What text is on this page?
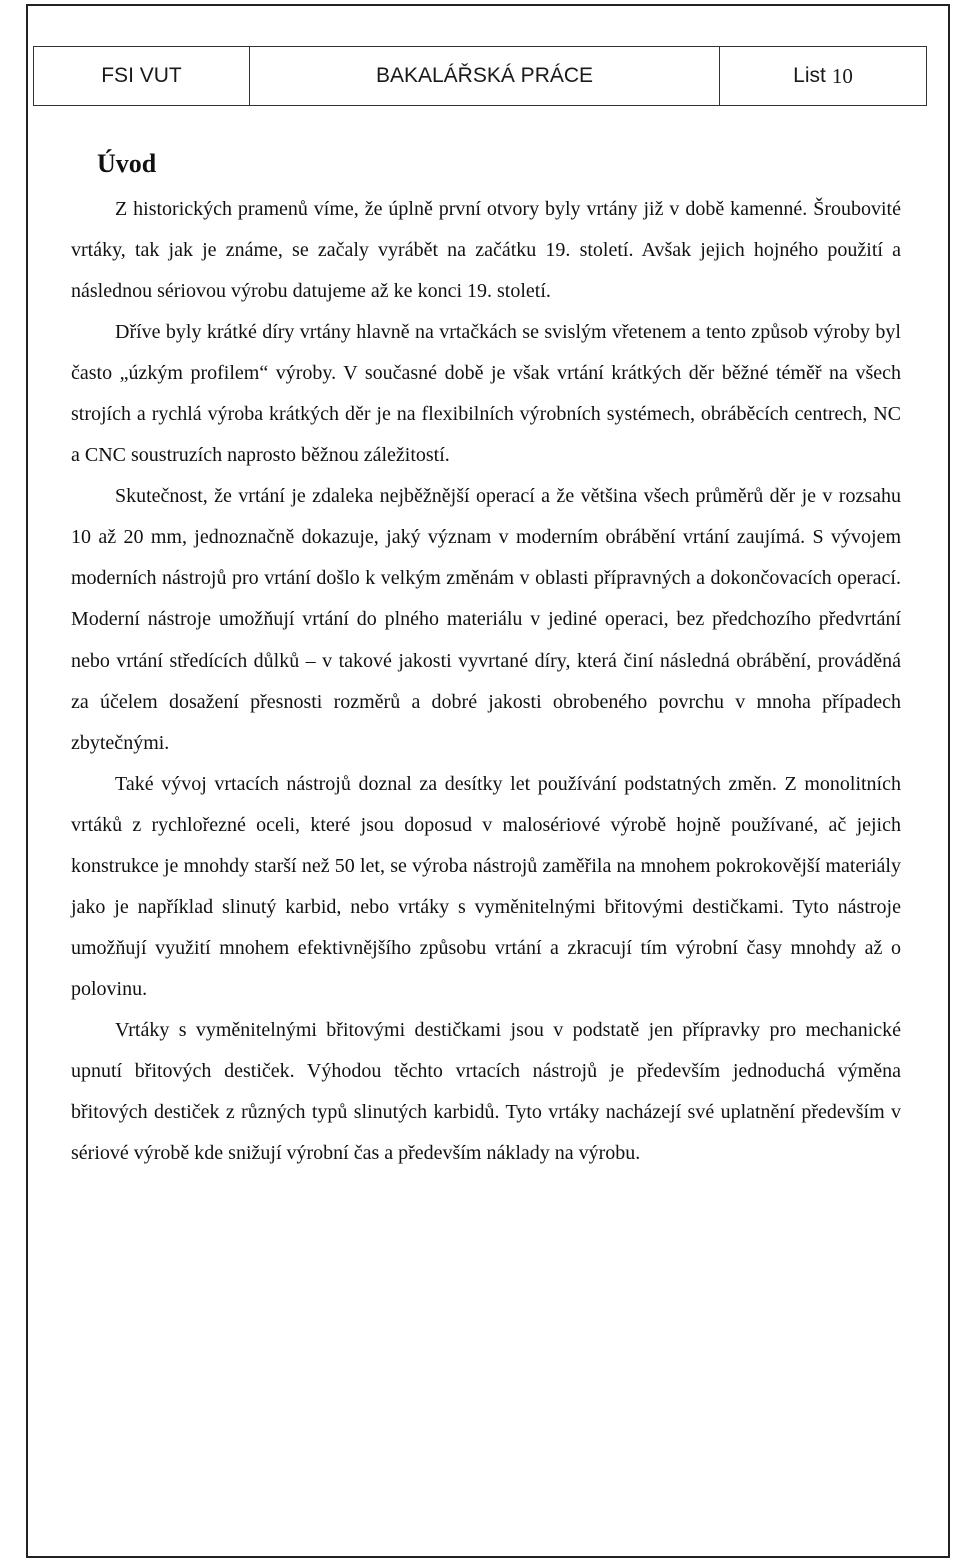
FSI VUT	BAKALÁŘSKÁ PRÁCE	List 10
Úvod

Z historických pramenů víme, že úplně první otvory byly vrtány již v době kamenné. Šroubovité vrtáky, tak jak je známe, se začaly vyrábět na začátku 19. století. Avšak jejich hojného použití a následnou sériovou výrobu datujeme až ke konci 19. století.

Dříve byly krátké díry vrtány hlavně na vrtačkách se svislým vřetenem a tento způsob výroby byl často „úzkým profilem“ výroby. V současné době je však vrtání krátkých děr běžné téměř na všech strojích a rychlá výroba krátkých děr je na flexibilních výrobních systémech, obráběcích centrech, NC a CNC soustruzích naprosto běžnou záležitostí.

Skutečnost, že vrtání je zdaleka nejběžnější operací a že většina všech průměrů děr je v rozsahu 10 až 20 mm, jednoznačně dokazuje, jaký význam v moderním obrábění vrtání zaujímá. S vývojem moderních nástrojů pro vrtání došlo k velkým změnám v oblasti přípravných a dokončovacích operací. Moderní nástroje umožňují vrtání do plného materiálu v jediné operaci, bez předchozího předvrtání nebo vrtání středících důlků – v takové jakosti vyvrtané díry, která činí následná obrábění, prováděná za účelem dosažení přesnosti rozměrů a dobré jakosti obrobeného povrchu v mnoha případech zbytečnými.

Také vývoj vrtacích nástrojů doznal za desítky let používání podstatných změn. Z monolitních vrtáků z rychlořezné oceli, které jsou doposud v malosériové výrobě hojně používané, ač jejich konstrukce je mnohdy starší než 50 let, se výroba nástrojů zaměřila na mnohem pokrokovější materiály jako je například slinutý karbid, nebo vrtáky s vyměnitelnými břitovými destičkami. Tyto nástroje umožňují využití mnohem efektivnějšího způsobu vrtání a zkracují tím výrobní časy mnohdy až o polovinu.

Vrtáky s vyměnitelnými břitovými destičkami jsou v podstatě jen přípravky pro mechanické upnutí břitových destiček. Výhodou těchto vrtacích nástrojů je především jednoduchá výměna břitových destiček z různých typů slinutých karbidů. Tyto vrtáky nacházejí své uplatnění především v sériové výrobě kde snižují výrobní čas a především náklady na výrobu.
